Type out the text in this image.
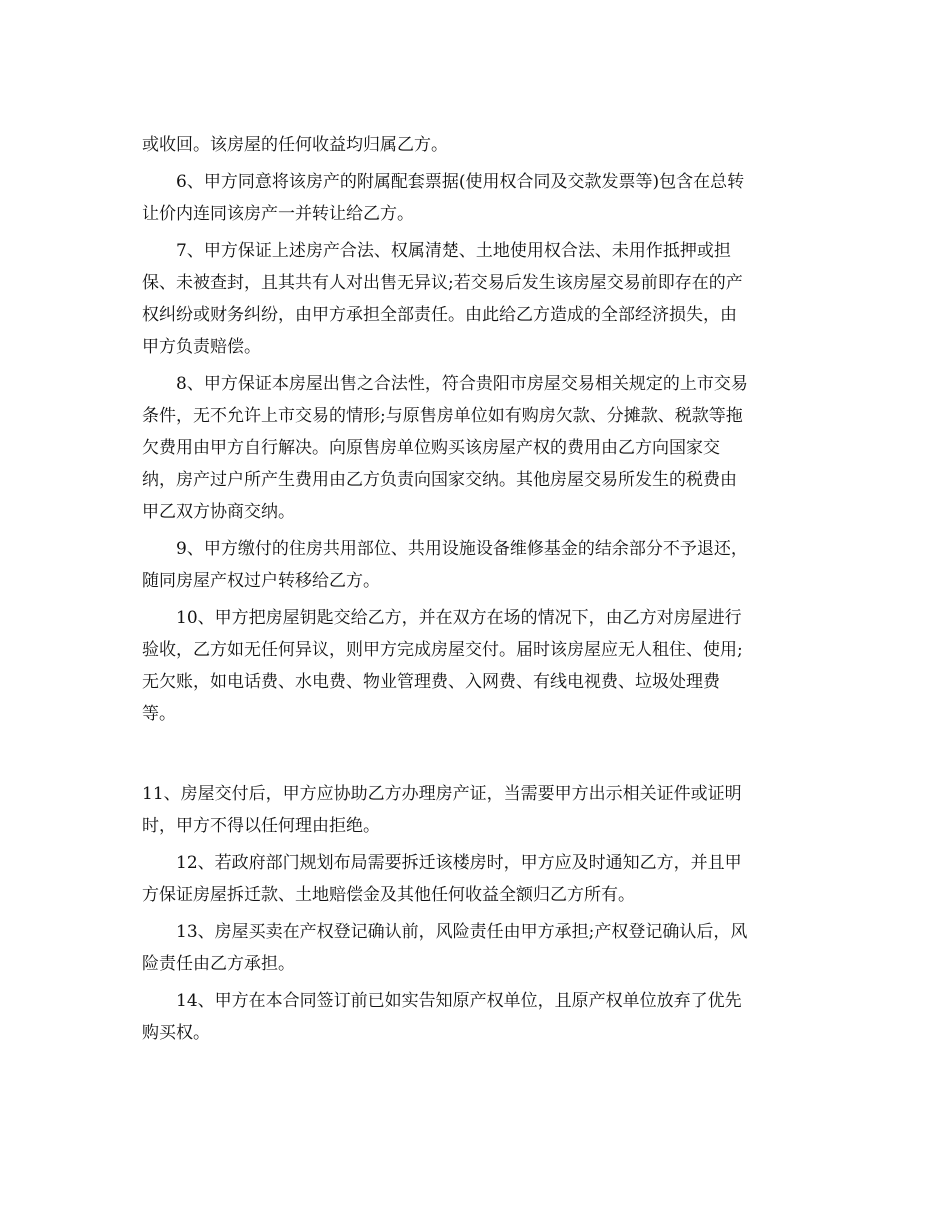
或收回。该房屋的任何收益均归属乙方。
6、甲方同意将该房产的附属配套票据(使用权合同及交款发票等)包含在总转
让价内连同该房产一并转让给乙方。
7、甲方保证上述房产合法、权属清楚、土地使用权合法、未用作抵押或担
保、未被查封，且其共有人对出售无异议;若交易后发生该房屋交易前即存在的产
权纠纷或财务纠纷，由甲方承担全部责任。由此给乙方造成的全部经济损失，由
甲方负责赔偿。
8、甲方保证本房屋出售之合法性，符合贵阳市房屋交易相关规定的上市交易
条件，无不允许上市交易的情形;与原售房单位如有购房欠款、分摊款、税款等拖
欠费用由甲方自行解决。向原售房单位购买该房屋产权的费用由乙方向国家交
纳，房产过户所产生费用由乙方负责向国家交纳。其他房屋交易所发生的税费由
甲乙双方协商交纳。
9、甲方缴付的住房共用部位、共用设施设备维修基金的结余部分不予退还，
随同房屋产权过户转移给乙方。
10、甲方把房屋钥匙交给乙方，并在双方在场的情况下，由乙方对房屋进行
验收，乙方如无任何异议，则甲方完成房屋交付。届时该房屋应无人租住、使用;
无欠账，如电话费、水电费、物业管理费、入网费、有线电视费、垃圾处理费
等。
11、房屋交付后，甲方应协助乙方办理房产证，当需要甲方出示相关证件或证明
时，甲方不得以任何理由拒绝。
12、若政府部门规划布局需要拆迁该楼房时，甲方应及时通知乙方，并且甲
方保证房屋拆迁款、土地赔偿金及其他任何收益全额归乙方所有。
13、房屋买卖在产权登记确认前，风险责任由甲方承担;产权登记确认后，风
险责任由乙方承担。
14、甲方在本合同签订前已如实告知原产权单位，且原产权单位放弃了优先
购买权。
